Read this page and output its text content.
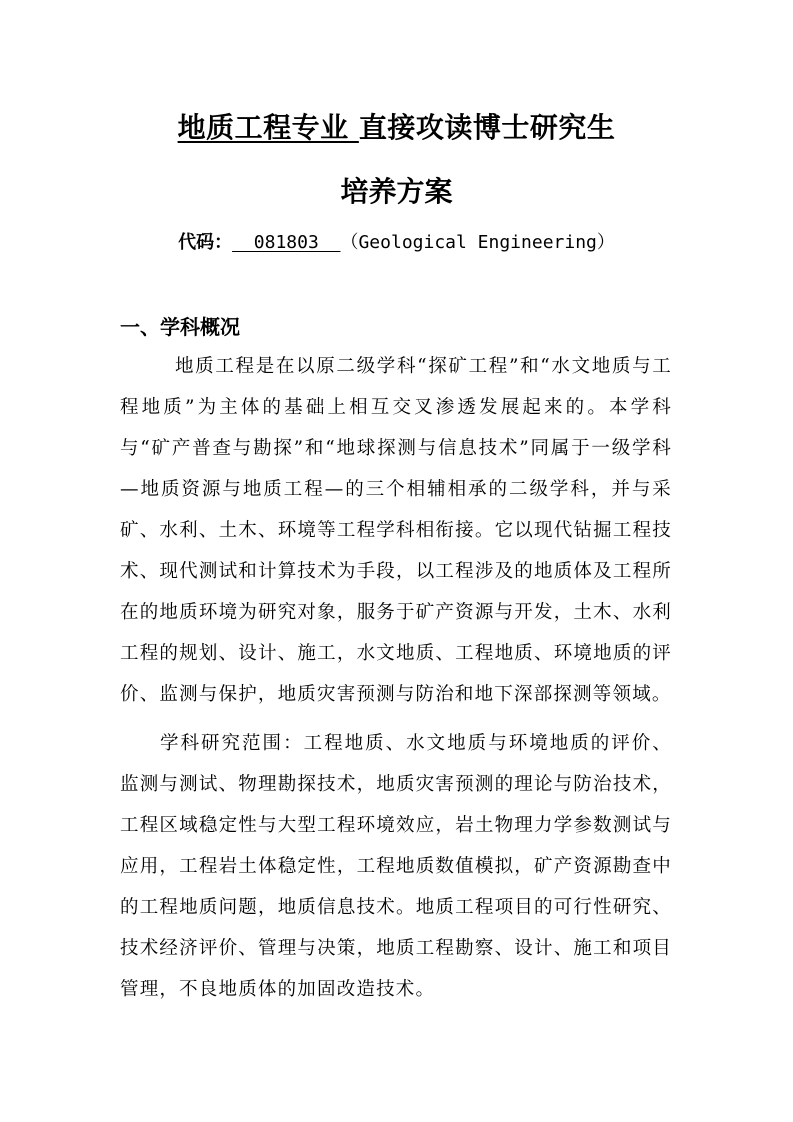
地质工程专业 直接攻读博士研究生
培养方案
代码：  081803  （Geological Engineering）
一、学科概况
地质工程是在以原二级学科“探矿工程”和“水文地质与工程地质”为主体的基础上相互交叉渗透发展起来的。本学科与“矿产普查与勘探”和“地球探测与信息技术”同属于一级学科—地质资源与地质工程—的三个相辅相承的二级学科，并与采矿、水利、土木、环境等工程学科相衔接。它以现代钻掘工程技术、现代测试和计算技术为手段，以工程涉及的地质体及工程所在的地质环境为研究对象，服务于矿产资源与开发，土木、水利工程的规划、设计、施工，水文地质、工程地质、环境地质的评价、监测与保护，地质灾害预测与防治和地下深部探测等领域。
学科研究范围：工程地质、水文地质与环境地质的评价、监测与测试、物理勘探技术，地质灾害预测的理论与防治技术，工程区域稳定性与大型工程环境效应，岩土物理力学参数测试与应用，工程岩土体稳定性，工程地质数值模拟，矿产资源勘查中的工程地质问题，地质信息技术。地质工程项目的可行性研究、技术经济评价、管理与决策，地质工程勘察、设计、施工和项目管理，不良地质体的加固改造技术。
